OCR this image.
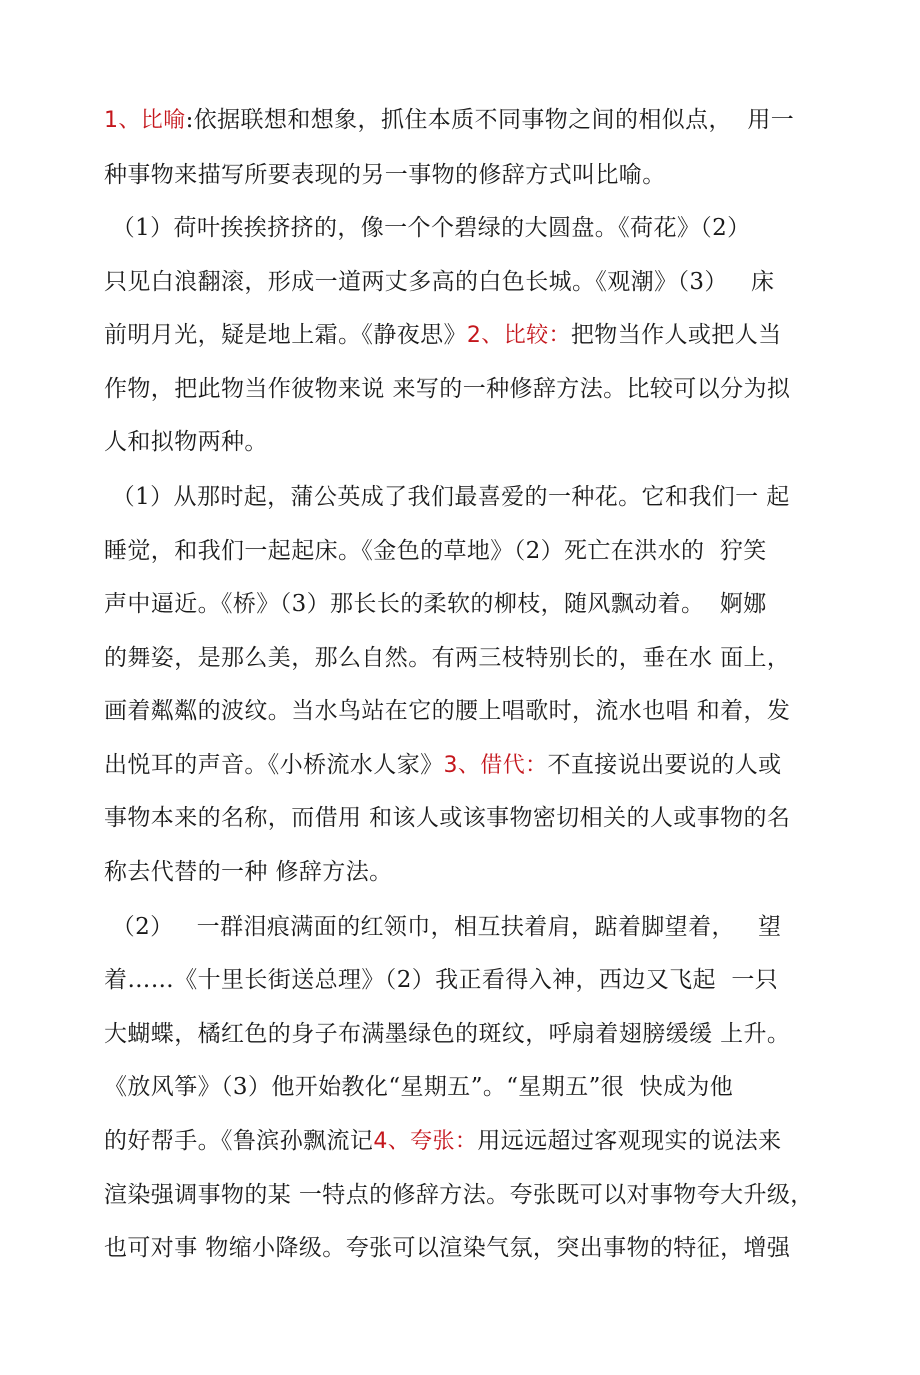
1、比喻:依据联想和想象，抓住本质不同事物之间的相似点，  用一
种事物来描写所要表现的另一事物的修辞方式叫比喻。
（1）荷叶挨挨挤挤的，像一个个碧绿的大圆盘。《荷花》（2）
只见白浪翻滚，形成一道两丈多高的白色长城。《观潮》（3）   床
前明月光，疑是地上霜。《静夜思》2、比较：把物当作人或把人当
作物，把此物当作彼物来说 来写的一种修辞方法。比较可以分为拟
人和拟物两种。
（1）从那时起，蒲公英成了我们最喜爱的一种花。它和我们一 起
睡觉，和我们一起起床。《金色的草地》（2）死亡在洪水的  狞笑
声中逼近。《桥》（3）那长长的柔软的柳枝，随风飘动着。  婀娜
的舞姿，是那么美，那么自然。有两三枝特别长的，垂在水 面上，
画着粼粼的波纹。当水鸟站在它的腰上唱歌时，流水也唱 和着，发
出悦耳的声音。《小桥流水人家》3、借代：不直接说出要说的人或
事物本来的名称，而借用 和该人或该事物密切相关的人或事物的名
称去代替的一种 修辞方法。
（2）   一群泪痕满面的红领巾，相互扶着肩，踮着脚望着，   望
着……《十里长街送总理》（2）我正看得入神，西边又飞起  一只
大蝴蝶，橘红色的身子布满墨绿色的斑纹，呼扇着翅膀缓缓 上升。
《放风筝》（3）他开始教化“星期五”。“星期五”很  快成为他
的好帮手。《鲁滨孙飘流记4、夸张：用远远超过客观现实的说法来
渲染强调事物的某 一特点的修辞方法。夸张既可以对事物夸大升级，
也可对事 物缩小降级。夸张可以渲染气氛，突出事物的特征，增强
